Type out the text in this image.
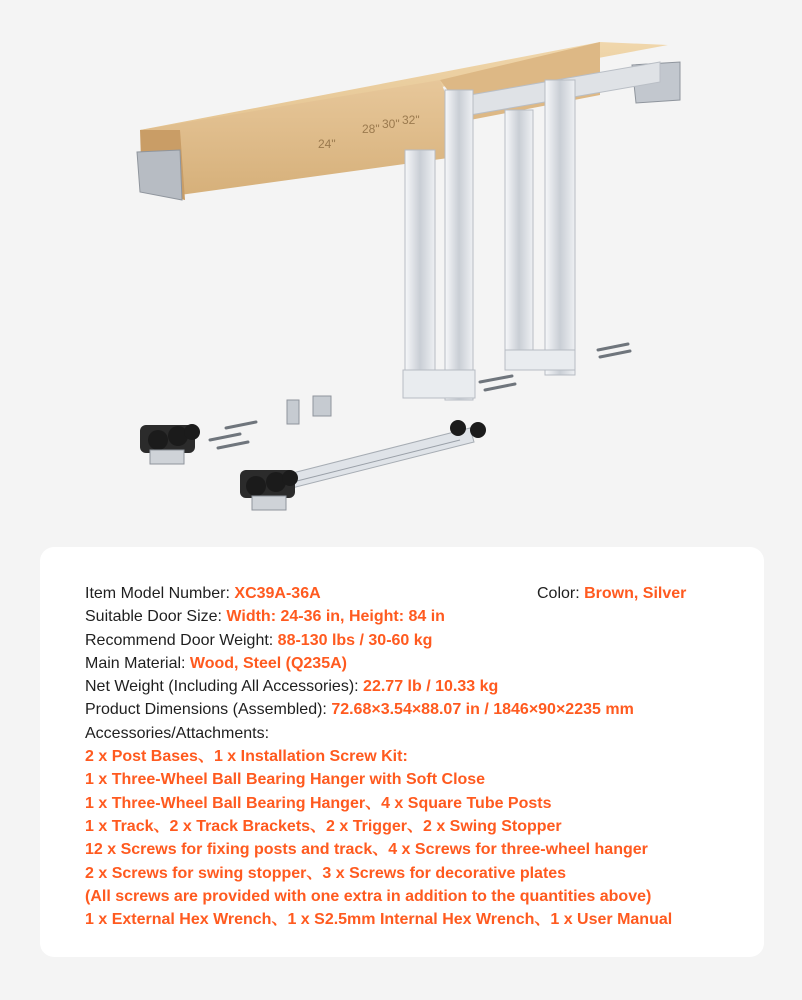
24"
28" 30" 32"
Item Model Number: XC39A-36A	Color: Brown, Silver
Suitable Door Size: Width: 24-36 in, Height: 84 in
Recommend Door Weight: 88-130 lbs / 30-60 kg
Main Material: Wood, Steel (Q235A)
Net Weight (Including All Accessories): 22.77 lb / 10.33 kg
Product Dimensions (Assembled): 72.68×3.54×88.07 in / 1846×90×2235 mm
Accessories/Attachments:
2 x Post Bases、1 x Installation Screw Kit:
1 x Three-Wheel Ball Bearing Hanger with Soft Close
1 x Three-Wheel Ball Bearing Hanger、4 x Square Tube Posts
1 x Track、2 x Track Brackets、2 x Trigger、2 x Swing Stopper
12 x Screws for fixing posts and track、4 x Screws for three-wheel hanger
2 x Screws for swing stopper、3 x Screws for decorative plates
(All screws are provided with one extra in addition to the quantities above)
1 x External Hex Wrench、1 x S2.5mm Internal Hex Wrench、1 x User Manual
